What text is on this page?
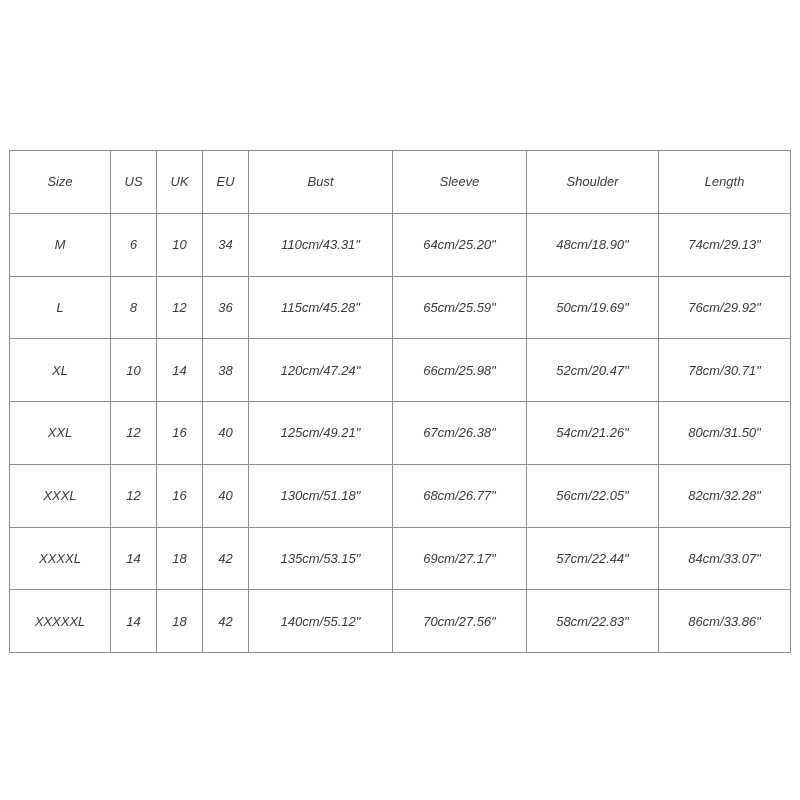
Size	US	UK	EU	Bust	Sleeve	Shoulder	Length
M	6	10	34	110cm/43.31"	64cm/25.20"	48cm/18.90"	74cm/29.13"
L	8	12	36	115cm/45.28"	65cm/25.59"	50cm/19.69"	76cm/29.92"
XL	10	14	38	120cm/47.24"	66cm/25.98"	52cm/20.47"	78cm/30.71"
XXL	12	16	40	125cm/49.21"	67cm/26.38"	54cm/21.26"	80cm/31.50"
XXXL	12	16	40	130cm/51.18"	68cm/26.77"	56cm/22.05"	82cm/32.28"
XXXXL	14	18	42	135cm/53.15"	69cm/27.17"	57cm/22.44"	84cm/33.07"
XXXXXL	14	18	42	140cm/55.12"	70cm/27.56"	58cm/22.83"	86cm/33.86"
